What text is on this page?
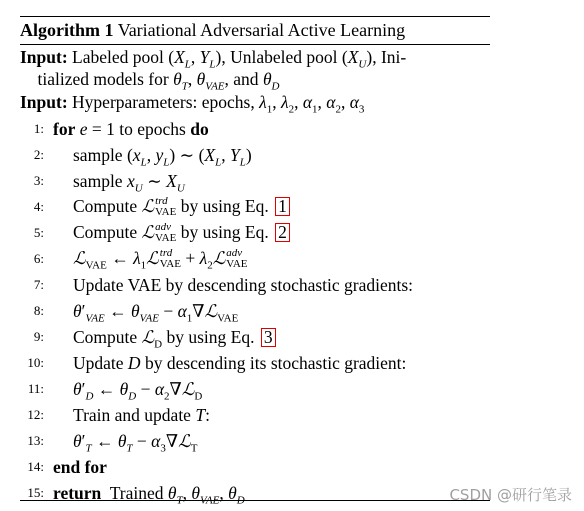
Algorithm 1 Variational Adversarial Active Learning
Input: Labeled pool ($X_L$, $Y_L$), Unlabeled pool $(X_U)$, Ini-
tialized models for $\theta_T$, $\theta_{VAE}$, and $\theta_D$
Input: Hyperparameters: epochs, $\lambda_1$, $\lambda_2$, $\alpha_1$, $\alpha_2$, $\alpha_3$
1: for e = 1 to epochs do
2: sample ($x_L$, $y_L$) ∼ ($X_L$, $Y_L$)
3: sample $x_U$ ∼ $X_U$
4: Compute ℒ trd
VAE by using Eq. 1
5: Compute ℒ adv
VAE by using Eq. 2
6: ℒ$_{VAE}$ ← $\lambda_1ℒ$ trd
VAE + $\lambda_2ℒ$ adv
VAE
7: Update VAE by descending stochastic gradients:
8: $\theta'_{VAE}$ ← $\theta_{VAE}$ − $\alpha_1\nabla ℒ_{VAE}$
9: Compute ℒ$_D$ by using Eq. 3
10: Update D by descending its stochastic gradient:
11: $\theta'_D$ ← $\theta_D$ − $\alpha_2\nabla ℒ_D$
12: Train and update T:
13: $\theta'_T$ ← $\theta_T$ − $\alpha_3\nabla ℒ_T$
14: end for
15: return  Trained $\theta_T$, $\theta_{VAE}$, $\theta_D$	CSDN @研行笔录
